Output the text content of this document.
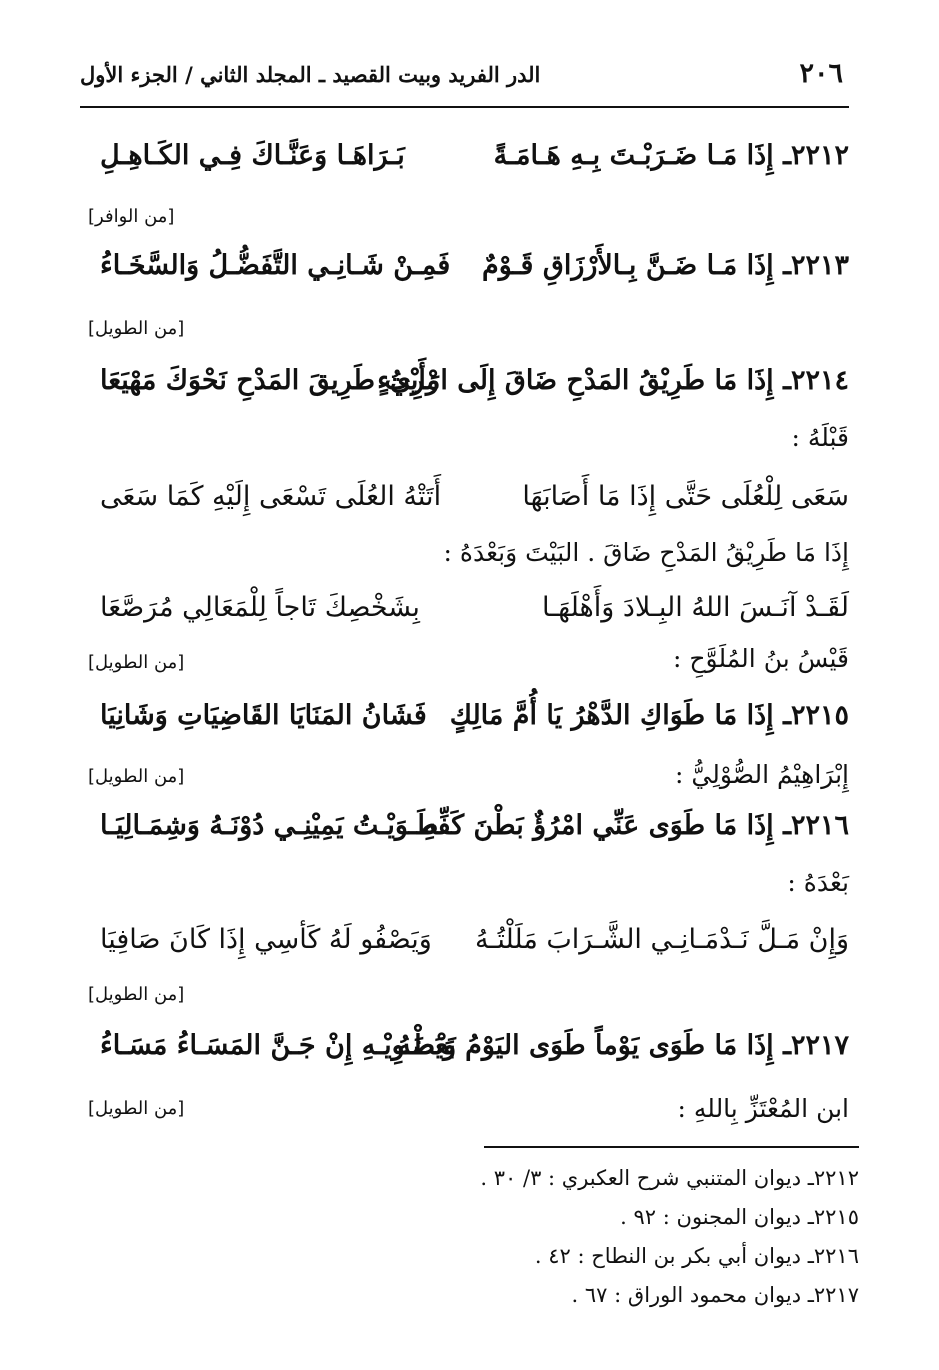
٢٠٦
الدر الفريد وبيت القصيد ـ المجلد الثاني / الجزء الأول
٢٢١٢ـ إِذَا مَـا ضَـرَبْـتَ بِـهِ هَـامَـةً
بَـرَاهَـا وَعَنَّـاكَ فِـي الكَـاهِـلِ
[من الوافر]
٢٢١٣ـ إِذَا مَـا ضَـنَّ بِـالأَرْزَاقِ قَـوْمٌ
فَمِـنْ شَـانِـي التَّفَضُّـلُ وَالسَّخَـاءُ
[من الطويل]
٢٢١٤ـ إِذَا مَا طَرِيْقُ المَدْحِ ضَاقَ إِلَى امْرِيءٍ
رَأَيْتُ طَرِيقَ المَدْحِ نَحْوَكَ مَهْيَعَا
قَبْلَهُ :
سَعَى لِلْعُلَى حَتَّى إِذَا مَا أَصَابَهَا
أَتَتْهُ العُلَى تَسْعَى إِلَيْهِ كَمَا سَعَى
إِذَا مَا طَرِيْقُ المَدْحِ ضَاقَ . البَيْتَ وَبَعْدَهُ :
لَقَـدْ آنَـسَ اللهُ البِـلادَ وَأَهْلَهَـا
بِشَخْصِكَ تَاجاً لِلْمَعَالِي مُرَصَّعَا
قَيْسُ بنُ المُلَوَّحِ :
[من الطويل]
٢٢١٥ـ إِذَا مَا طَوَاكِ الدَّهْرُ يَا أُمَّ مَالِكٍ
فَشَانُ المَنَايَا القَاضِيَاتِ وَشَانِيَا
إِبْرَاهِيْمُ الصُّوْلِيُّ :
[من الطويل]
٢٢١٦ـ إِذَا مَا طَوَى عَنِّي امْرُؤٌ بَطْنَ كَفِّهِ
طَـوَيْـتُ يَمِيْنِـي دُوْنَـهُ وَشِمَـالِيَـا
بَعْدَهُ :
وَإِنْ مَـلَّ نَـدْمَـانِـي الشَّـرَابَ مَلَلْتُـهُ
وَيَصْفُو لَهُ كَأسِي إِذَا كَانَ صَافِيَا
[من الطويل]
٢٢١٧ـ إِذَا مَا طَوَى يَوْماً طَوَى اليَوْمُ بَعْضَهُ
وَيَطْـوِيْـهِ إِنْ جَـنَّ المَسَـاءُ مَسَـاءُ
ابن المُعْتَزِّ بِاللهِ :
[من الطويل]
٢٢١٢ـ ديوان المتنبي شرح العكبري : ٣/ ٣٠ .
٢٢١٥ـ ديوان المجنون : ٩٢ .
٢٢١٦ـ ديوان أبي بكر بن النطاح : ٤٢ .
٢٢١٧ـ ديوان محمود الوراق : ٦٧ .
